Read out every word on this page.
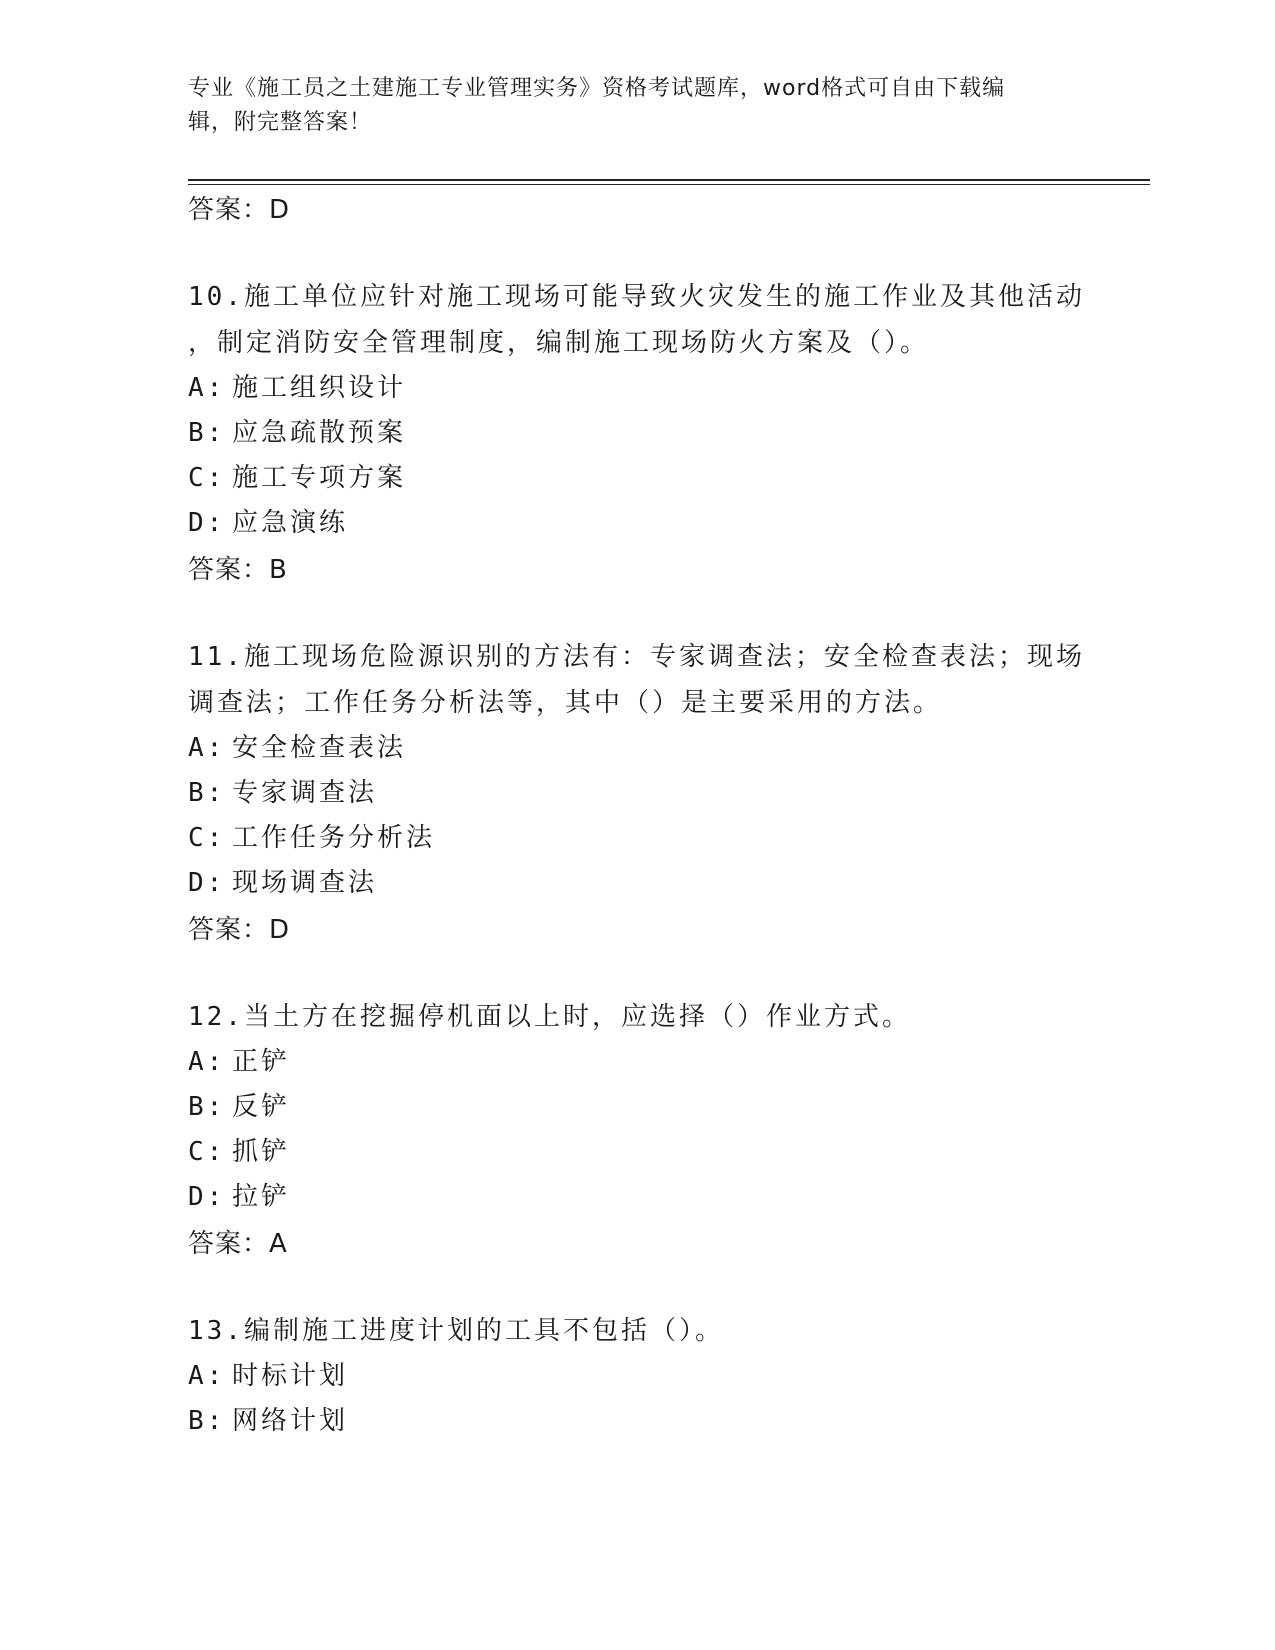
专业《施工员之土建施工专业管理实务》资格考试题库，word格式可自由下载编
辑，附完整答案！
答案：D
10.施工单位应针对施工现场可能导致火灾发生的施工作业及其他活动
，制定消防安全管理制度，编制施工现场防火方案及（）。
A: 施工组织设计
B: 应急疏散预案
C: 施工专项方案
D: 应急演练
答案：B
11.施工现场危险源识别的方法有：专家调查法；安全检查表法；现场
调查法；工作任务分析法等，其中（）是主要采用的方法。
A: 安全检查表法
B: 专家调查法
C: 工作任务分析法
D: 现场调查法
答案：D
12.当土方在挖掘停机面以上时，应选择（）作业方式。
A: 正铲
B: 反铲
C: 抓铲
D: 拉铲
答案：A
13.编制施工进度计划的工具不包括（）。
A: 时标计划
B: 网络计划
